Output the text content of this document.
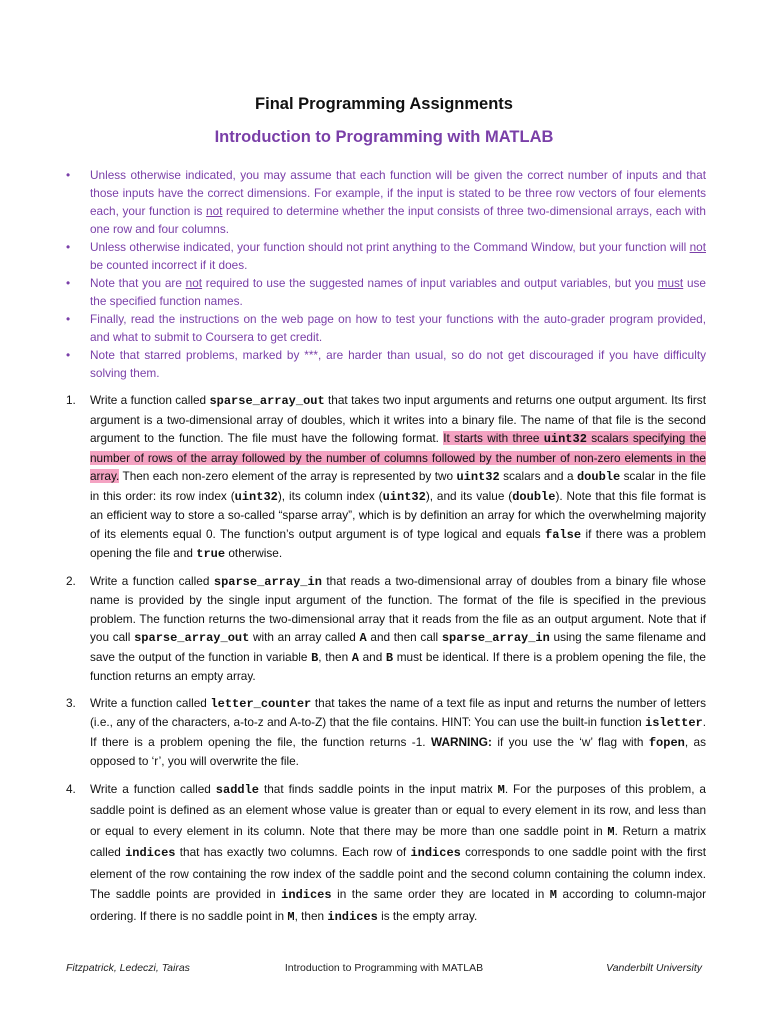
Final Programming Assignments
Introduction to Programming with MATLAB
• Unless otherwise indicated, you may assume that each function will be given the correct number of inputs and that those inputs have the correct dimensions. For example, if the input is stated to be three row vectors of four elements each, your function is not required to determine whether the input consists of three two-dimensional arrays, each with one row and four columns.
• Unless otherwise indicated, your function should not print anything to the Command Window, but your function will not be counted incorrect if it does.
• Note that you are not required to use the suggested names of input variables and output variables, but you must use the specified function names.
• Finally, read the instructions on the web page on how to test your functions with the auto-grader program provided, and what to submit to Coursera to get credit.
• Note that starred problems, marked by ***, are harder than usual, so do not get discouraged if you have difficulty solving them.
1. Write a function called sparse_array_out that takes two input arguments and returns one output argument. Its first argument is a two-dimensional array of doubles, which it writes into a binary file. The name of that file is the second argument to the function. The file must have the following format. It starts with three uint32 scalars specifying the number of rows of the array followed by the number of columns followed by the number of non-zero elements in the array. Then each non-zero element of the array is represented by two uint32 scalars and a double scalar in the file in this order: its row index (uint32), its column index (uint32), and its value (double). Note that this file format is an efficient way to store a so-called “sparse array”, which is by definition an array for which the overwhelming majority of its elements equal 0. The function’s output argument is of type logical and equals false if there was a problem opening the file and true otherwise.
2. Write a function called sparse_array_in that reads a two-dimensional array of doubles from a binary file whose name is provided by the single input argument of the function. The format of the file is specified in the previous problem. The function returns the two-dimensional array that it reads from the file as an output argument. Note that if you call sparse_array_out with an array called A and then call sparse_array_in using the same filename and save the output of the function in variable B, then A and B must be identical. If there is a problem opening the file, the function returns an empty array.
3. Write a function called letter_counter that takes the name of a text file as input and returns the number of letters (i.e., any of the characters, a-to-z and A-to-Z) that the file contains. HINT: You can use the built-in function isletter. If there is a problem opening the file, the function returns -1. WARNING: if you use the ‘w’ flag with fopen, as opposed to ‘r’, you will overwrite the file.
4. Write a function called saddle that finds saddle points in the input matrix M. For the purposes of this problem, a saddle point is defined as an element whose value is greater than or equal to every element in its row, and less than or equal to every element in its column. Note that there may be more than one saddle point in M. Return a matrix called indices that has exactly two columns. Each row of indices corresponds to one saddle point with the first element of the row containing the row index of the saddle point and the second column containing the column index. The saddle points are provided in indices in the same order they are located in M according to column-major ordering. If there is no saddle point in M, then indices is the empty array.
Fitzpatrick, Ledeczi, Tairas	Introduction to Programming with MATLAB	Vanderbilt University
